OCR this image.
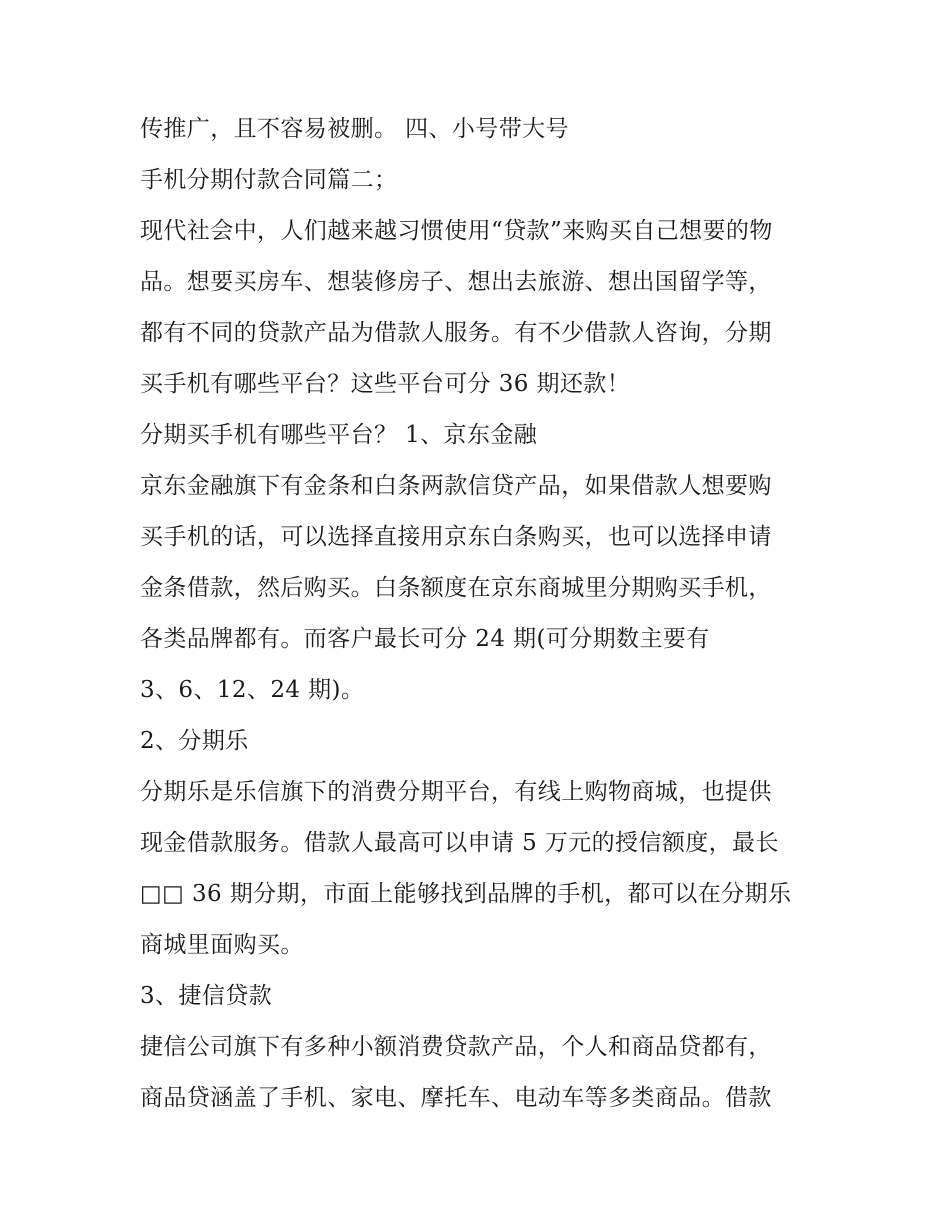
传推广，且不容易被删。 四、小号带大号
手机分期付款合同篇二；
现代社会中，人们越来越习惯使用“贷款”来购买自己想要的物
品。想要买房车、想装修房子、想出去旅游、想出国留学等，
都有不同的贷款产品为借款人服务。有不少借款人咨询，分期
买手机有哪些平台？这些平台可分 36 期还款！
分期买手机有哪些平台？ 1、京东金融
京东金融旗下有金条和白条两款信贷产品，如果借款人想要购
买手机的话，可以选择直接用京东白条购买，也可以选择申请
金条借款，然后购买。白条额度在京东商城里分期购买手机，
各类品牌都有。而客户最长可分 24 期(可分期数主要有
3、6、12、24 期)。
2、分期乐
分期乐是乐信旗下的消费分期平台，有线上购物商城，也提供
现金借款服务。借款人最高可以申请 5 万元的授信额度，最长
□□ 36 期分期，市面上能够找到品牌的手机，都可以在分期乐
商城里面购买。
3、捷信贷款
捷信公司旗下有多种小额消费贷款产品，个人和商品贷都有，
商品贷涵盖了手机、家电、摩托车、电动车等多类商品。借款
